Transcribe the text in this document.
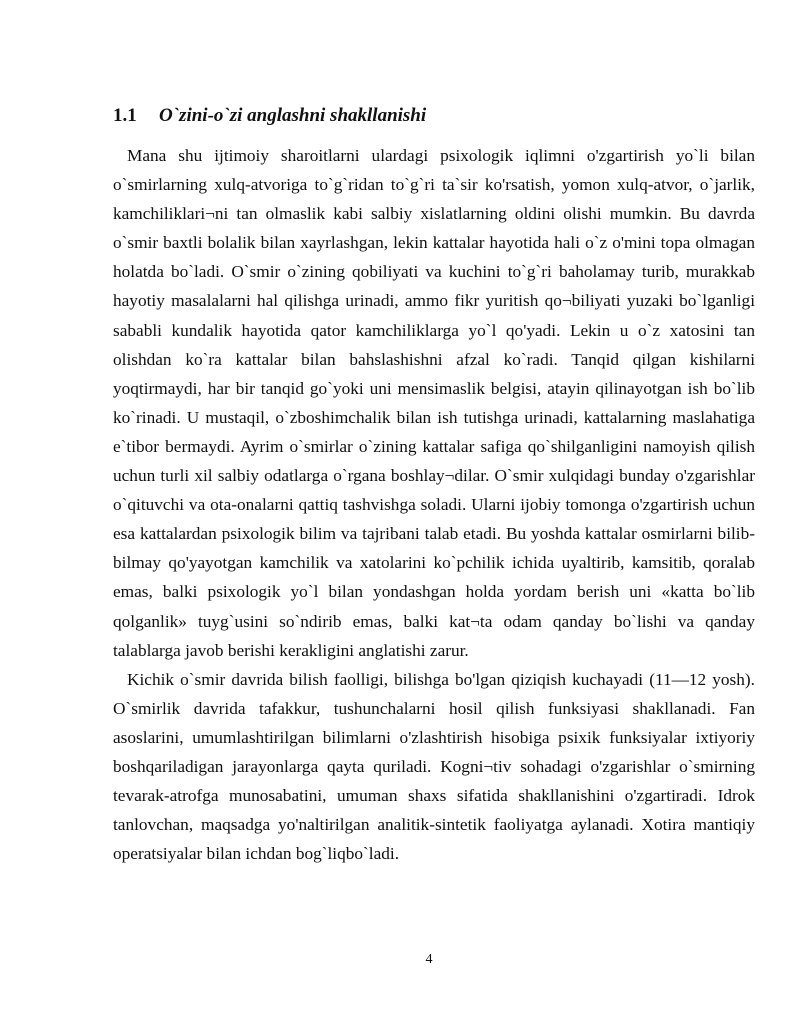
1.1 O`zini-o`zi anglashni shakllanishi

Mana shu ijtimoiy sharoitlarni ulardagi psixologik iqlimni o'zgartirish yo`li bilan o`smirlarning xulq-atvoriga to`g`ridan to`g`ri ta`sir ko'rsatish, yomon xulq-atvor, o`jarlik, kamchiliklari¬ni tan olmaslik kabi salbiy xislatlarning oldini olishi mumkin. Bu davrda o`smir baxtli bolalik bilan xayrlashgan, lekin kattalar hayotida hali o`z o'mini topa olmagan holatda bo`ladi. O`smir o`zining qobiliyati va kuchini to`g`ri baholamay turib, murakkab hayotiy masalalarni hal qilishga urinadi, ammo fikr yuritish qo¬biliyati yuzaki bo`lganligi sababli kundalik hayotida qator kamchiliklarga yo`l qo'yadi. Lekin u o`z xatosini tan olishdan ko`ra kattalar bilan bahslashishni afzal ko`radi. Tanqid qilgan kishilarni yoqtirmaydi, har bir tanqid go`yoki uni mensimaslik belgisi, atayin qilinayotgan ish bo`lib ko`rinadi. U mustaqil, o`zboshimchalik bilan ish tutishga urinadi, kattalarning maslahatiga e`tibor bermaydi. Ayrim o`smirlar o`zining kattalar safiga qo`shilganligini namoyish qilish uchun turli xil salbiy odatlarga o`rgana boshlay¬dilar. O`smir xulqidagi bunday o'zgarishlar o`qituvchi va ota-onalarni qattiq tashvishga soladi. Ularni ijobiy tomonga o'zgartirish uchun esa kattalardan psixologik bilim va tajribani talab etadi. Bu yoshda kattalar osmirlarni bilib-bilmay qo'yayotgan kamchilik va xatolarini ko`pchilik ichida uyaltirib, kamsitib, qoralab emas, balki psixologik yo`l bilan yondashgan holda yordam berish uni «katta bo`lib qolganlik» tuyg`usini so`ndirib emas, balki kat¬ta odam qanday bo`lishi va qanday talablarga javob berishi kerakligini anglatishi zarur.

Kichik o`smir davrida bilish faolligi, bilishga bo'lgan qiziqish kuchayadi (11—12 yosh). O`smirlik davrida tafakkur, tushunchalarni hosil qilish funksiyasi shakllanadi. Fan asoslarini, umumlashtirilgan bilimlarni o'zlashtirish hisobiga psixik funksiyalar ixtiyoriy boshqariladigan jarayonlarga qayta quriladi. Kogni¬tiv sohadagi o'zgarishlar o`smirning tevarak-atrofga munosabatini, umuman shaxs sifatida shakllanishini o'zgartiradi. Idrok tanlovchan, maqsadga yo'naltirilgan analitik-sintetik faoliyatga aylanadi. Xotira mantiqiy operatsiyalar bilan ichdan bog`liqbo`ladi.

4
